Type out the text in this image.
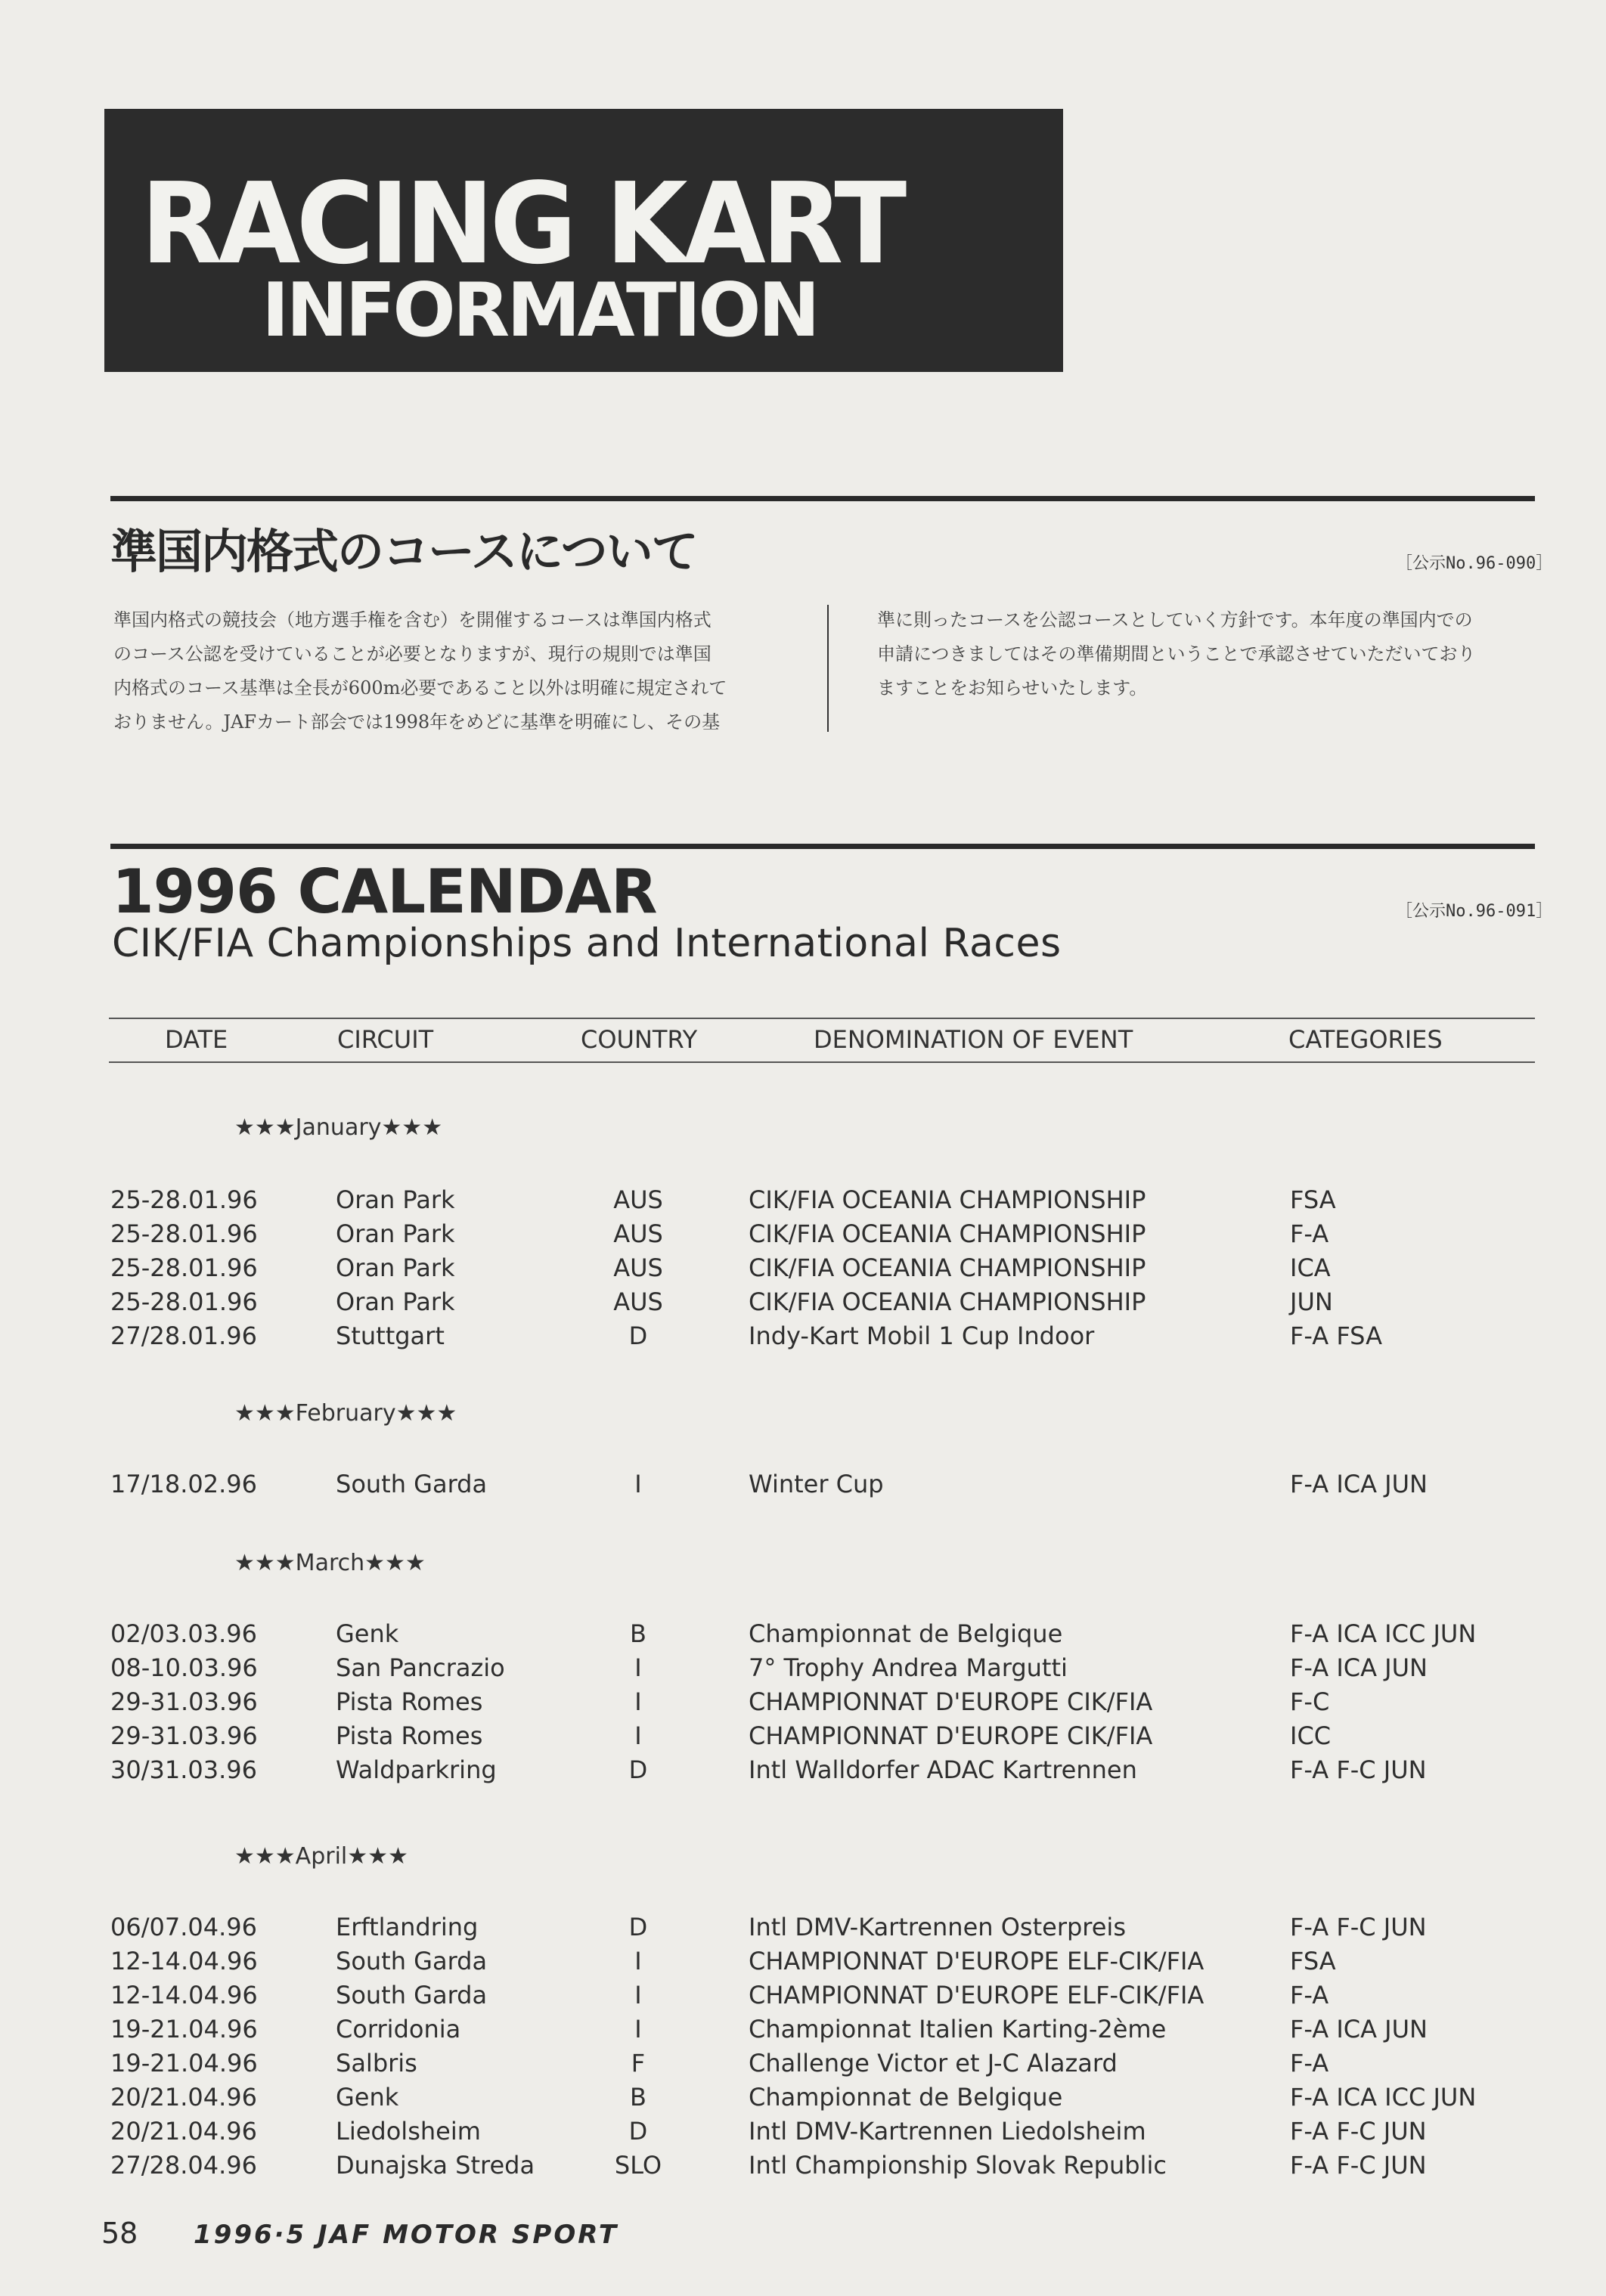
RACING KART
INFORMATION
準国内格式のコースについて	［公示No.96-090］
準国内格式の競技会（地方選手権を含む）を開催するコースは準国内格式
のコース公認を受けていることが必要となりますが、現行の規則では準国
内格式のコース基準は全長が600m必要であること以外は明確に規定されて
おりません。JAFカート部会では1998年をめどに基準を明確にし、その基
準に則ったコースを公認コースとしていく方針です。本年度の準国内での
申請につきましてはその準備期間ということで承認させていただいており
ますことをお知らせいたします。
1996 CALENDAR
CIK/FIA Championships and International Races
［公示No.96-091］
DATE	CIRCUIT	COUNTRY	DENOMINATION OF EVENT	CATEGORIES
★★★January★★★
★★★February★★★
★★★March★★★
★★★April★★★
25-28.01.96	Oran Park	AUS	CIK/FIA OCEANIA CHAMPIONSHIP	FSA
25-28.01.96	Oran Park	AUS	CIK/FIA OCEANIA CHAMPIONSHIP	F-A
25-28.01.96	Oran Park	AUS	CIK/FIA OCEANIA CHAMPIONSHIP	ICA
25-28.01.96	Oran Park	AUS	CIK/FIA OCEANIA CHAMPIONSHIP	JUN
27/28.01.96	Stuttgart	D	Indy-Kart Mobil 1 Cup Indoor	F-A FSA
17/18.02.96	South Garda	I	Winter Cup	F-A ICA JUN
02/03.03.96	Genk	B	Championnat de Belgique	F-A ICA ICC JUN
08-10.03.96	San Pancrazio	I	7° Trophy Andrea Margutti	F-A ICA JUN
29-31.03.96	Pista Romes	I	CHAMPIONNAT D'EUROPE CIK/FIA	F-C
29-31.03.96	Pista Romes	I	CHAMPIONNAT D'EUROPE CIK/FIA	ICC
30/31.03.96	Waldparkring	D	Intl Walldorfer ADAC Kartrennen	F-A F-C JUN
06/07.04.96	Erftlandring	D	Intl DMV-Kartrennen Osterpreis	F-A F-C JUN
12-14.04.96	South Garda	I	CHAMPIONNAT D'EUROPE ELF-CIK/FIA	FSA
12-14.04.96	South Garda	I	CHAMPIONNAT D'EUROPE ELF-CIK/FIA	F-A
19-21.04.96	Corridonia	I	Championnat Italien Karting-2ème	F-A ICA JUN
19-21.04.96	Salbris	F	Challenge Victor et J-C Alazard	F-A
20/21.04.96	Genk	B	Championnat de Belgique	F-A ICA ICC JUN
20/21.04.96	Liedolsheim	D	Intl DMV-Kartrennen Liedolsheim	F-A F-C JUN
27/28.04.96	Dunajska Streda	SLO	Intl Championship Slovak Republic	F-A F-C JUN
58 1996·5 JAF MOTOR SPORT
